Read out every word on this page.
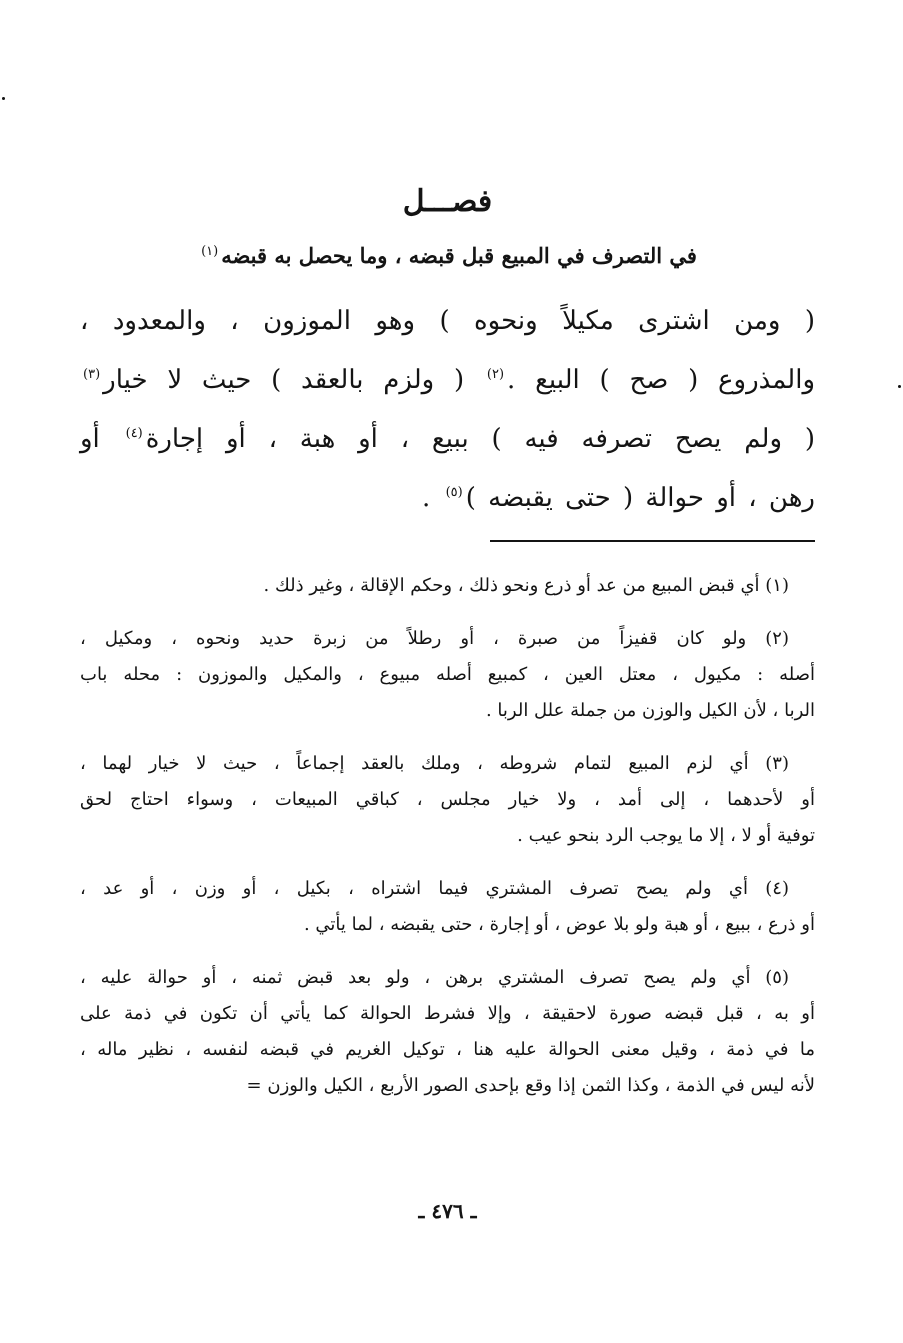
فصـــل
في التصرف في المبيع قبل قبضه ، وما يحصل به قبضه$^{(١)}$
( ومن اشترى مكيلاً ونحوه ) وهو الموزون ، والمعدود ،
والمذروع ( صح ) البيع .$^{(٢)}$ ( ولزم بالعقد ) حيث لا خيار$^{(٣)}$
( ولم يصح تصرفه فيه ) ببيع ، أو هبة ، أو إجارة$^{(٤)}$ أو
رهن ، أو حوالة ( حتى يقبضه )$^{(٥)}$ .
(١) أي قبض المبيع من عد أو ذرع ونحو ذلك ، وحكم الإقالة ، وغير ذلك .
(٢) ولو كان قفيزاً من صبرة ، أو رطلاً من زبرة حديد ونحوه ، ومكيل ،
أصله : مكيول ، معتل العين ، كمبيع أصله مبيوع ، والمكيل والموزون : محله باب
الربا ، لأن الكيل والوزن من جملة علل الربا .
(٣) أي لزم المبيع لتمام شروطه ، وملك بالعقد إجماعاً ، حيث لا خيار لهما ،
أو لأحدهما ، إلى أمد ، ولا خيار مجلس ، كباقي المبيعات ، وسواء احتاج لحق
توفية أو لا ، إلا ما يوجب الرد بنحو عيب .
(٤) أي ولم يصح تصرف المشتري فيما اشتراه ، بكيل ، أو وزن ، أو عد ،
أو ذرع ، ببيع ، أو هبة ولو بلا عوض ، أو إجارة ، حتى يقبضه ، لما يأتي .
(٥) أي ولم يصح تصرف المشتري برهن ، ولو بعد قبض ثمنه ، أو حوالة عليه ،
أو به ، قبل قبضه صورة لاحقيقة ، وإلا فشرط الحوالة كما يأتي أن تكون في ذمة على
ما في ذمة ، وقيل معنى الحوالة عليه هنا ، توكيل الغريم في قبضه لنفسه ، نظير ماله ،
لأنه ليس في الذمة ، وكذا الثمن إذا وقع بإحدى الصور الأربع ، الكيل والوزن =
ـ ٤٧٦ ـ
